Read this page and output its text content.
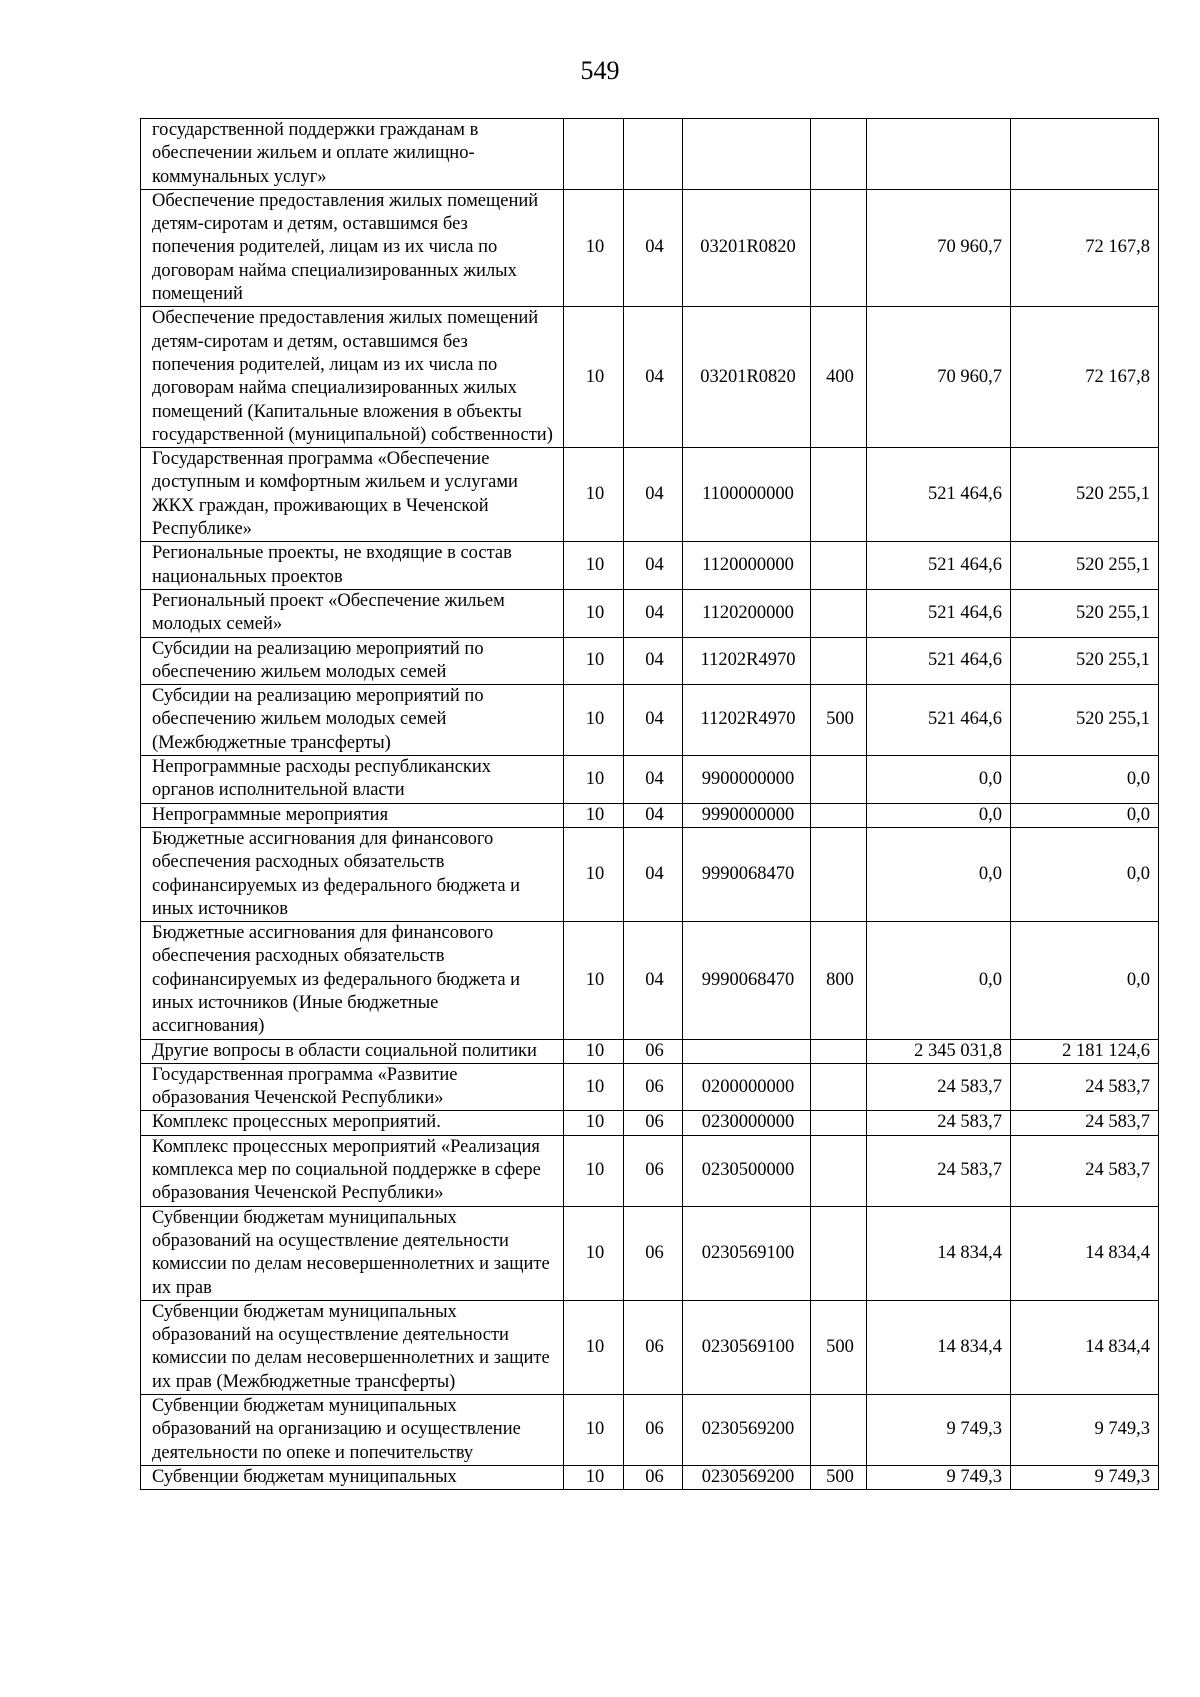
549
государственной поддержки гражданам в обеспечении жильем и оплате жилищно-коммунальных услуг»						
Обеспечение предоставления жилых помещений детям-сиротам и детям, оставшимся без попечения родителей, лицам из их числа по договорам найма специализированных жилых помещений	10	04	03201R0820		70 960,7	72 167,8
Обеспечение предоставления жилых помещений детям-сиротам и детям, оставшимся без попечения родителей, лицам из их числа по договорам найма специализированных жилых помещений (Капитальные вложения в объекты государственной (муниципальной) собственности)	10	04	03201R0820	400	70 960,7	72 167,8
Государственная программа «Обеспечение доступным и комфортным жильем и услугами ЖКХ граждан, проживающих в Чеченской Республике»	10	04	1100000000		521 464,6	520 255,1
Региональные проекты, не входящие в состав национальных проектов	10	04	1120000000		521 464,6	520 255,1
Региональный проект «Обеспечение жильем молодых семей»	10	04	1120200000		521 464,6	520 255,1
Субсидии на реализацию мероприятий по обеспечению жильем молодых семей	10	04	11202R4970		521 464,6	520 255,1
Субсидии на реализацию мероприятий по обеспечению жильем молодых семей (Межбюджетные трансферты)	10	04	11202R4970	500	521 464,6	520 255,1
Непрограммные расходы республиканских органов исполнительной власти	10	04	9900000000		0,0	0,0
Непрограммные мероприятия	10	04	9990000000		0,0	0,0
Бюджетные ассигнования для финансового обеспечения расходных обязательств софинансируемых из федерального бюджета и иных источников	10	04	9990068470		0,0	0,0
Бюджетные ассигнования для финансового обеспечения расходных обязательств софинансируемых из федерального бюджета и иных источников (Иные бюджетные ассигнования)	10	04	9990068470	800	0,0	0,0
Другие вопросы в области социальной политики	10	06			2 345 031,8	2 181 124,6
Государственная программа «Развитие образования Чеченской Республики»	10	06	0200000000		24 583,7	24 583,7
Комплекс процессных мероприятий.	10	06	0230000000		24 583,7	24 583,7
Комплекс процессных мероприятий «Реализация комплекса мер по социальной поддержке в сфере образования Чеченской Республики»	10	06	0230500000		24 583,7	24 583,7
Субвенции бюджетам муниципальных образований на осуществление деятельности комиссии по делам несовершеннолетних и защите их прав	10	06	0230569100		14 834,4	14 834,4
Субвенции бюджетам муниципальных образований на осуществление деятельности комиссии по делам несовершеннолетних и защите их прав (Межбюджетные трансферты)	10	06	0230569100	500	14 834,4	14 834,4
Субвенции бюджетам муниципальных образований на организацию и осуществление деятельности по опеке и попечительству	10	06	0230569200		9 749,3	9 749,3
Субвенции бюджетам муниципальных	10	06	0230569200	500	9 749,3	9 749,3
